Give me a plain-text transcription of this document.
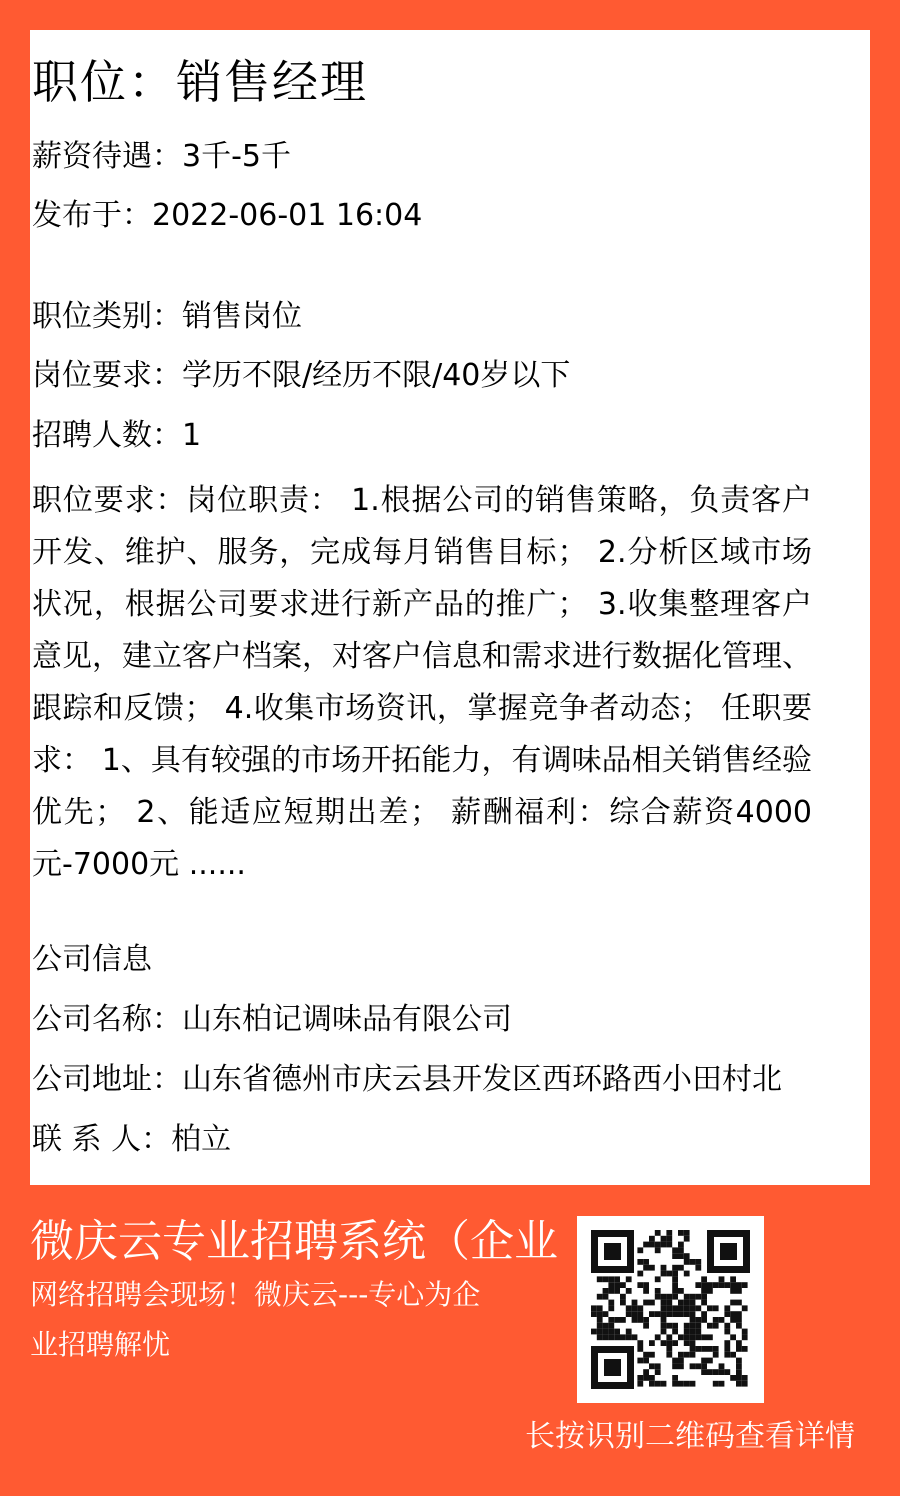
职位：销售经理

薪资待遇：3千-5千

发布于：2022-06-01 16:04

职位类别：销售岗位

岗位要求：学历不限/经历不限/40岁以下

招聘人数：1

职位要求：岗位职责： 1.根据公司的销售策略，负责客户开发、维护、服务，完成每月销售目标； 2.分析区域市场状况，根据公司要求进行新产品的推广； 3.收集整理客户意见，建立客户档案，对客户信息和需求进行数据化管理、跟踪和反馈； 4.收集市场资讯，掌握竞争者动态； 任职要求： 1、具有较强的市场开拓能力，有调味品相关销售经验优先； 2、能适应短期出差； 薪酬福利：综合薪资4000元-7000元 ......

公司信息

公司名称：山东柏记调味品有限公司

公司地址：山东省德州市庆云县开发区西环路西小田村北

联 系 人：柏立

微庆云专业招聘系统（企业

网络招聘会现场！微庆云---专心为企业招聘解忧

长按识别二维码查看详情
